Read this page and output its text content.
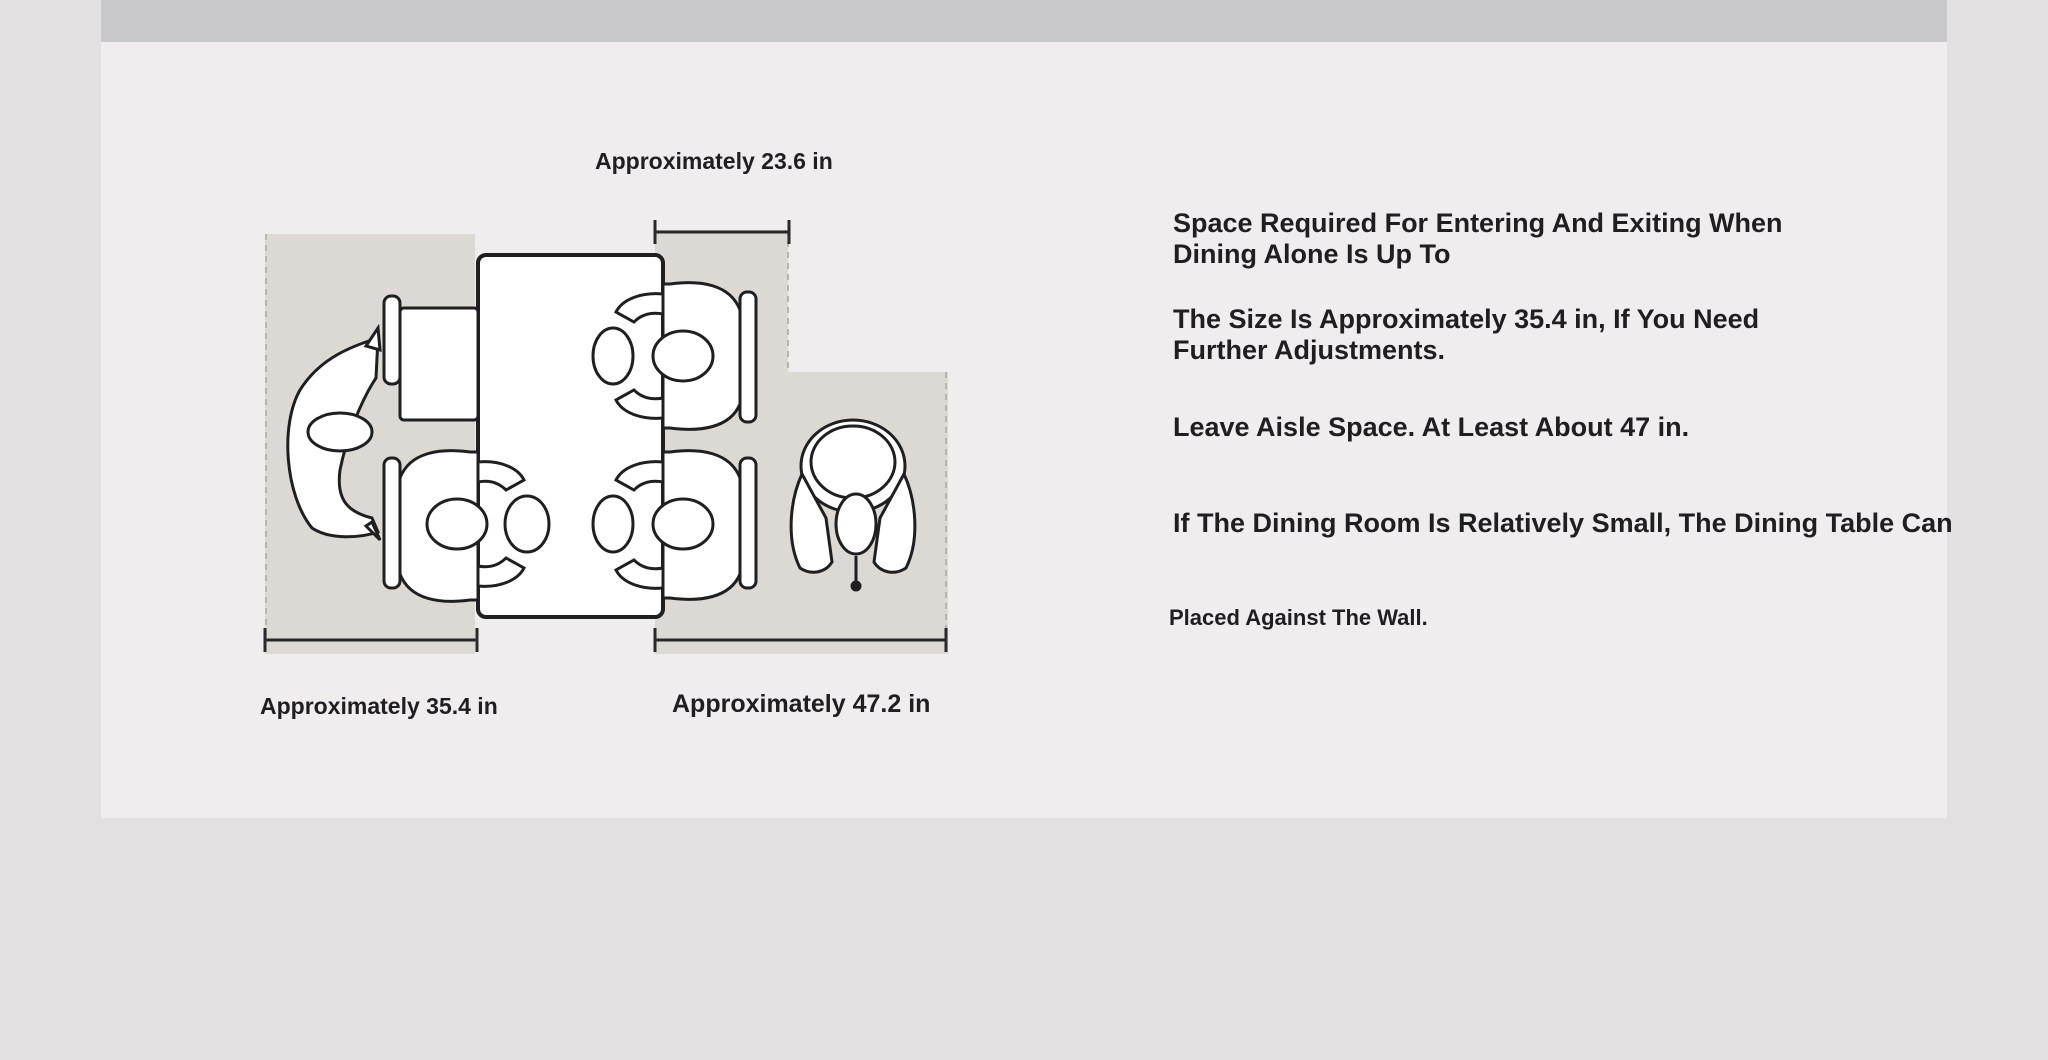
Approximately 23.6 in
Approximately 35.4 in	Approximately 47.2 in
Space Required For Entering And Exiting When
Dining Alone Is Up To
The Size Is Approximately 35.4 in, If You Need
Further Adjustments.
Leave Aisle Space. At Least About 47 in.
If The Dining Room Is Relatively Small, The Dining Table Can
Placed Against The Wall.
